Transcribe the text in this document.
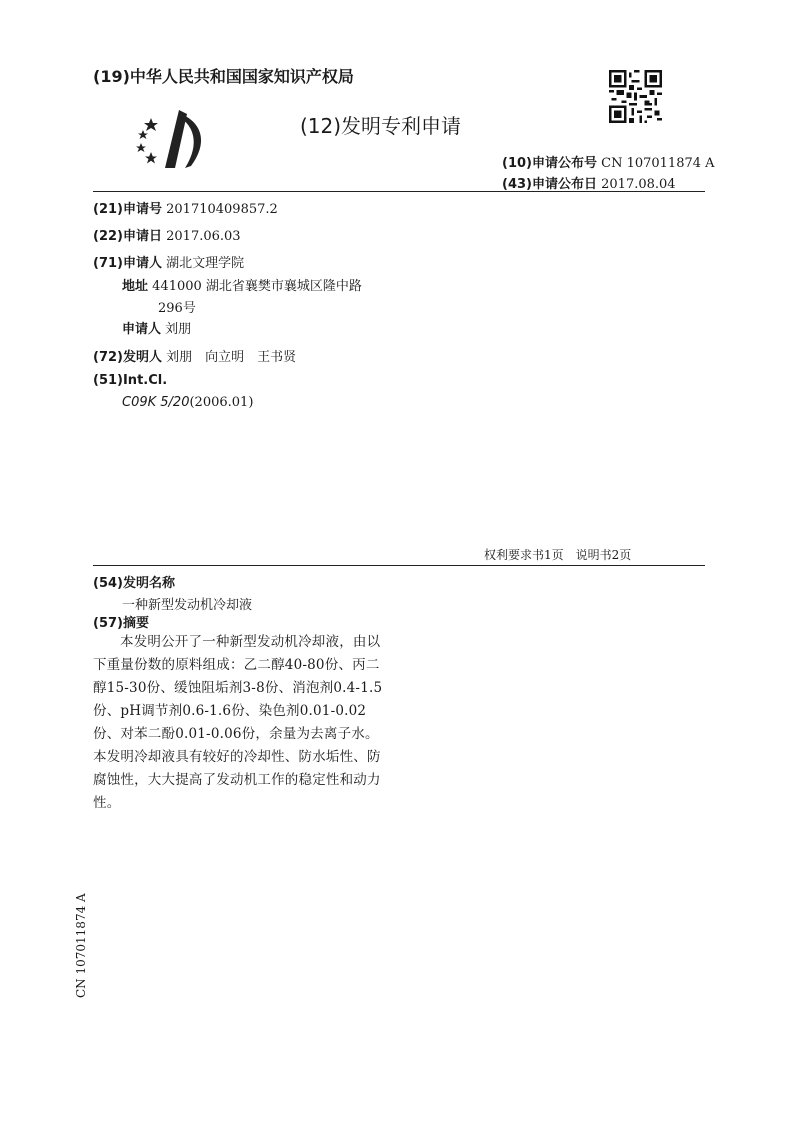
(19)中华人民共和国国家知识产权局
(12)发明专利申请
(10)申请公布号 CN 107011874 A
(43)申请公布日 2017.08.04
(21)申请号 201710409857.2
(22)申请日 2017.06.03
(71)申请人 湖北文理学院
地址 441000 湖北省襄樊市襄城区隆中路
296号
申请人 刘朋
(72)发明人 刘朋　向立明　王书贤
(51)Int.Cl.
C09K 5/20(2006.01)
权利要求书1页　说明书2页
(54)发明名称
一种新型发动机冷却液
(57)摘要

本发明公开了一种新型发动机冷却液，由以下重量份数的原料组成：乙二醇40-80份、丙二醇15-30份、缓蚀阻垢剂3-8份、消泡剂0.4-1.5份、pH调节剂0.6-1.6份、染色剂0.01-0.02份、对苯二酚0.01-0.06份，余量为去离子水。本发明冷却液具有较好的冷却性、防水垢性、防腐蚀性，大大提高了发动机工作的稳定性和动力性。

CN 107011874 A
